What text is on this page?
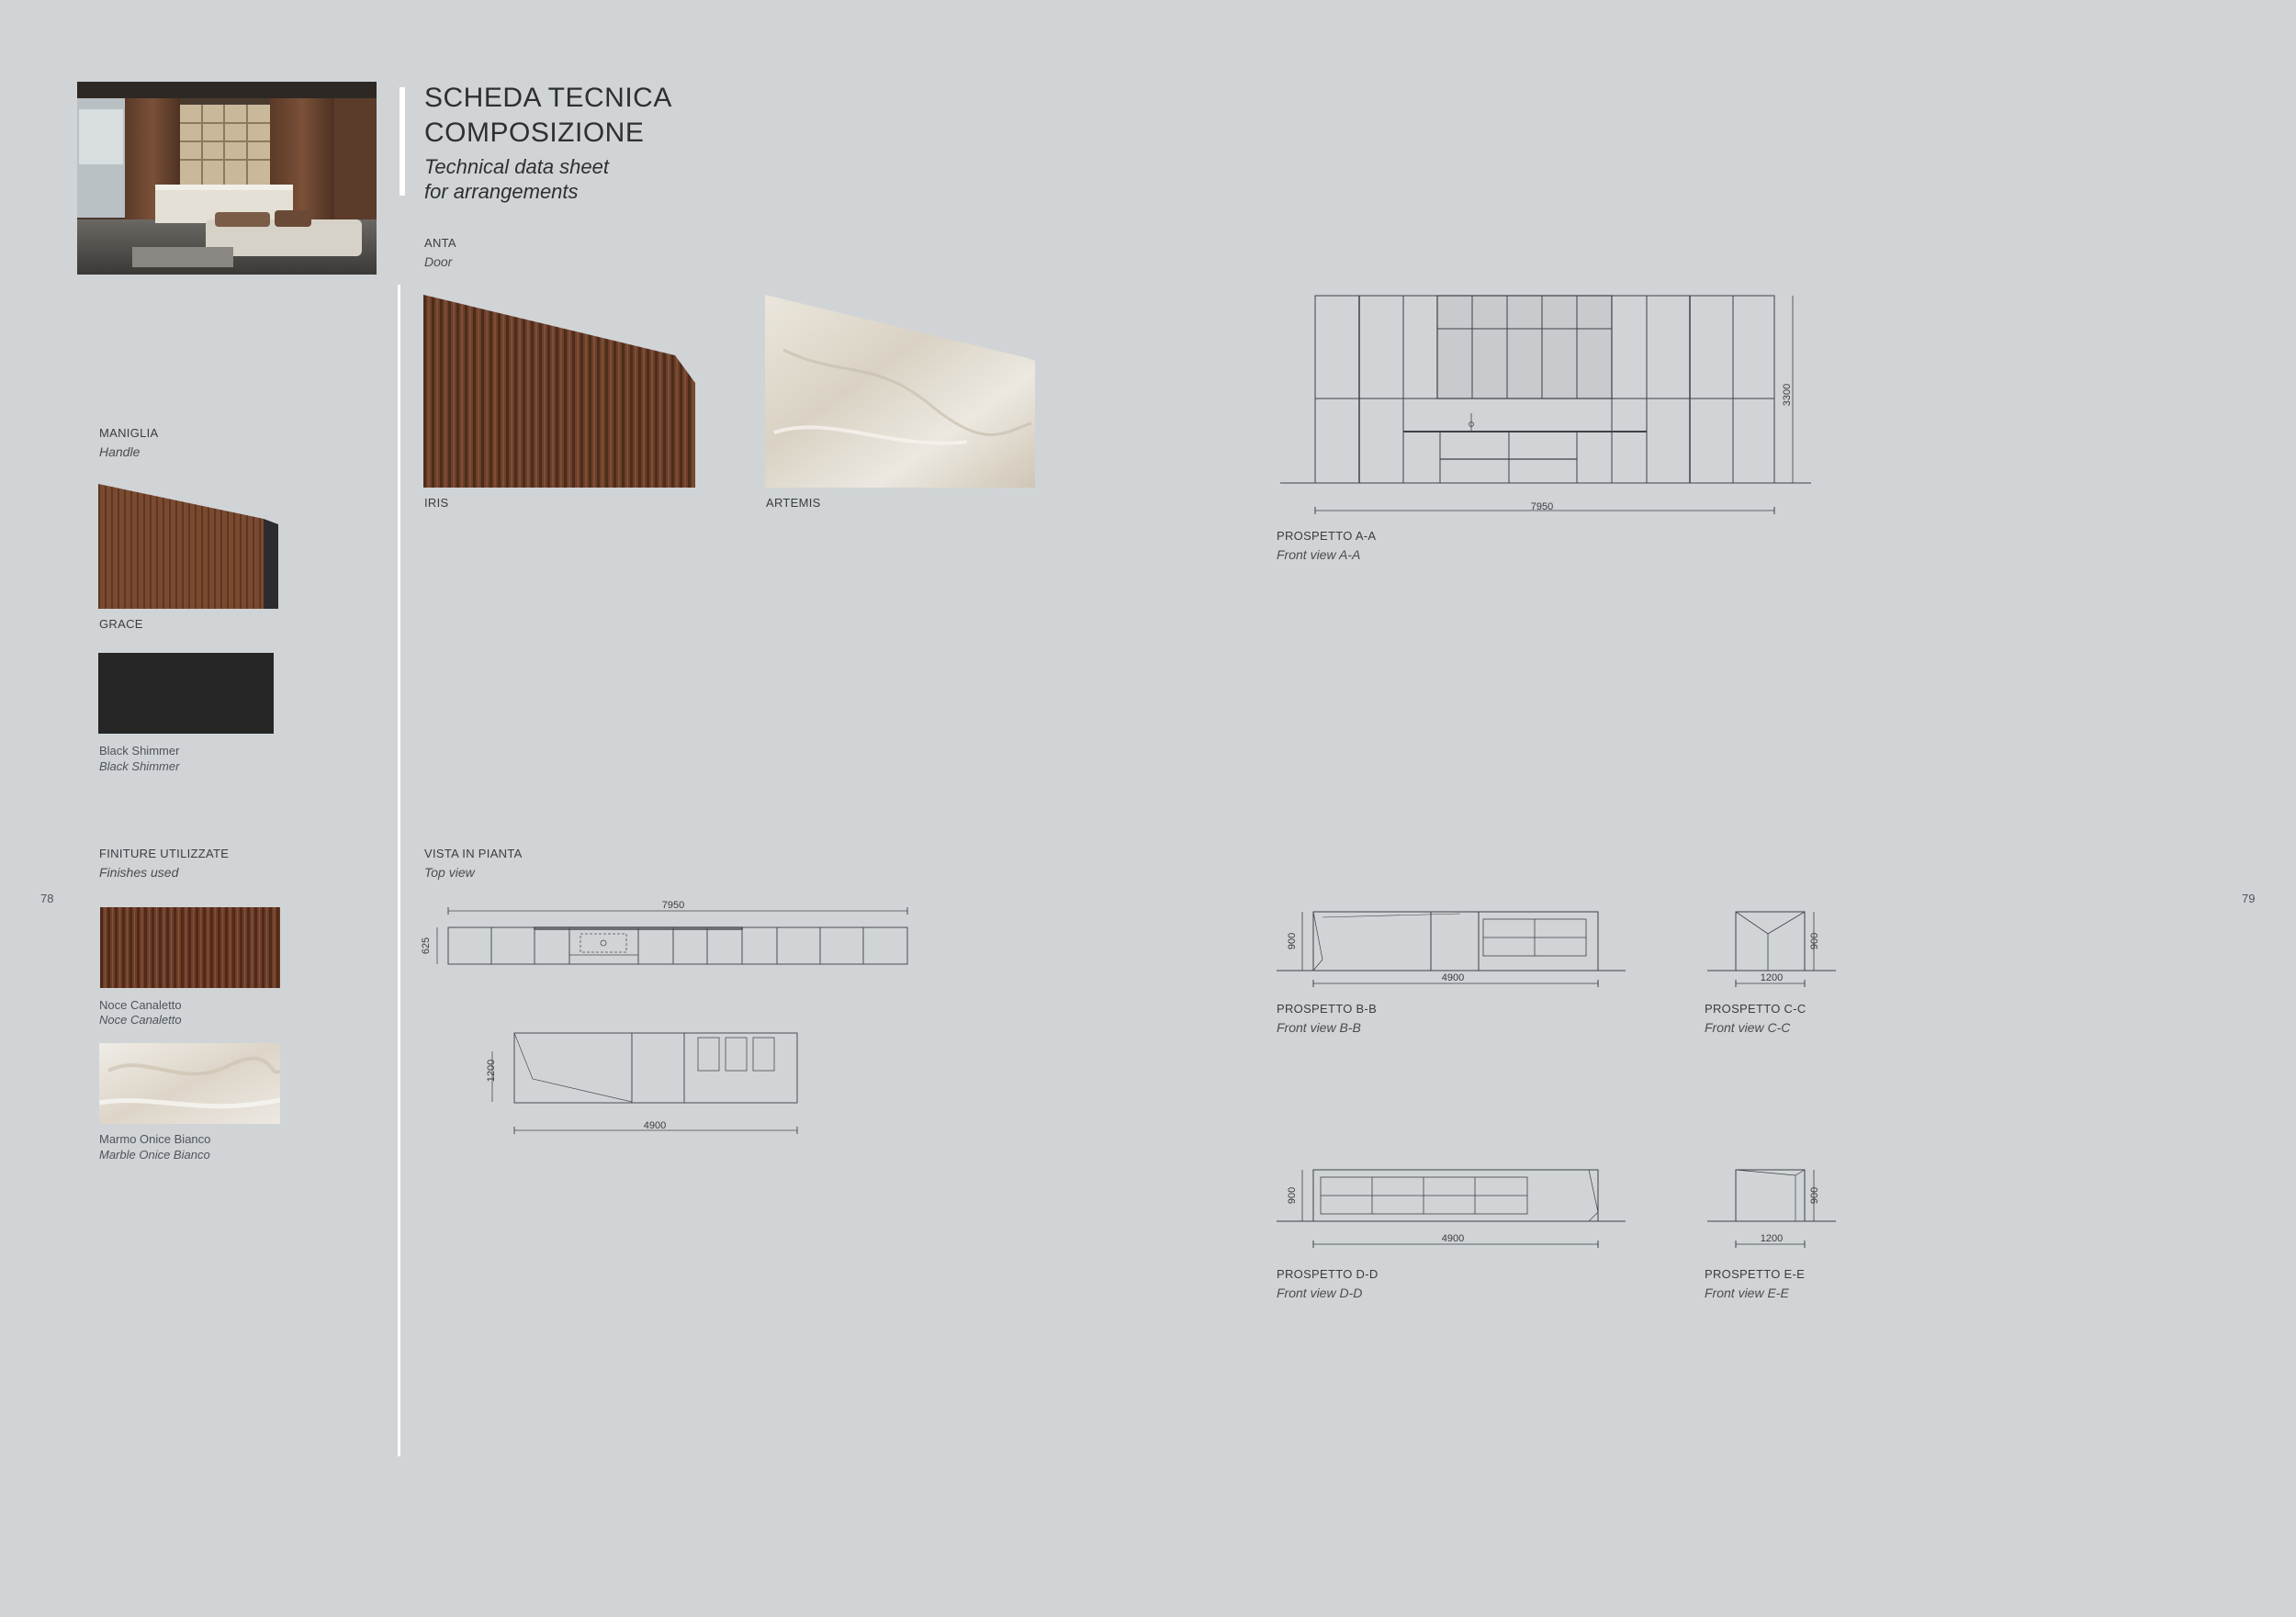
SCHEDA TECNICA
COMPOSIZIONE
Technical data sheet
for arrangements
ANTA
Door
IRIS	ARTEMIS
MANIGLIA
Handle
GRACE
Black Shimmer
Black Shimmer
FINITURE UTILIZZATE
Finishes used
Noce Canaletto
Noce Canaletto
Marmo Onice Bianco
Marble Onice Bianco
78	79
VISTA IN PIANTA
Top view
7950
625
1200
4900
7950
3300
PROSPETTO A-A
Front view A-A
4900
900
PROSPETTO B-B
Front view B-B
1200
900
PROSPETTO C-C
Front view C-C
4900
900
PROSPETTO D-D
Front view D-D
1200
900
PROSPETTO E-E
Front view E-E
